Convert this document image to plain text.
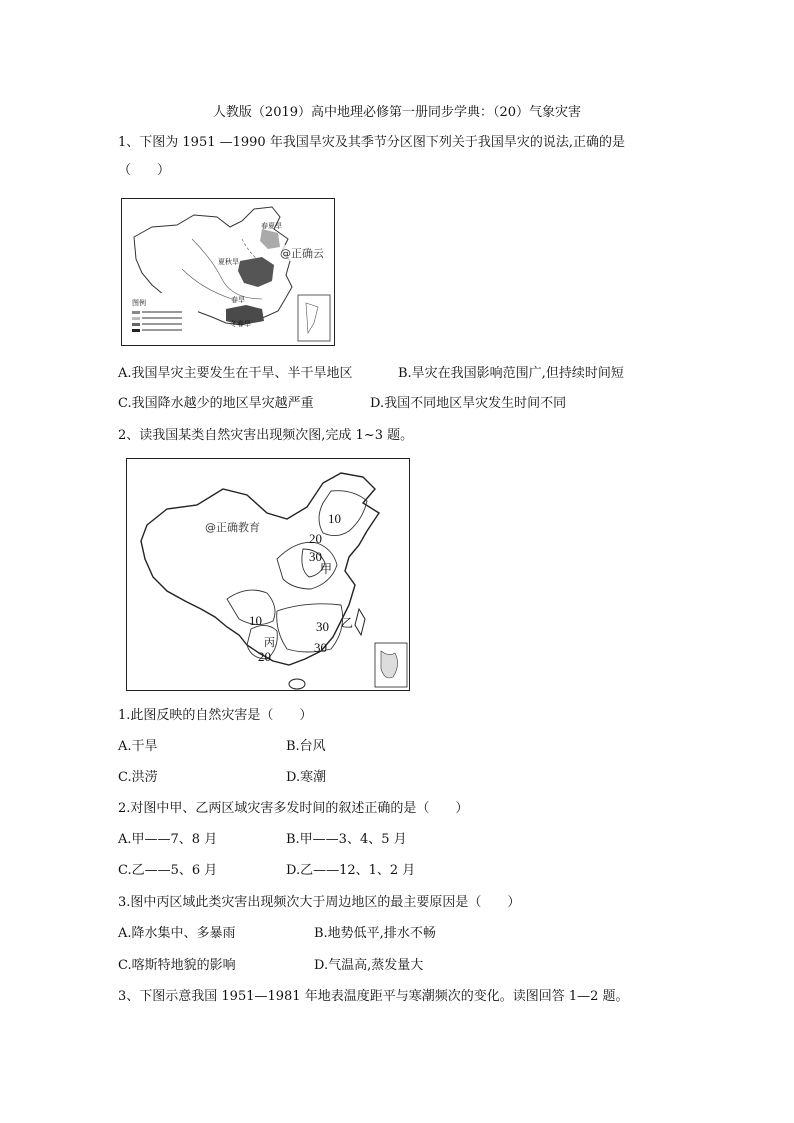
人教版（2019）高中地理必修第一册同步学典：（20）气象灾害
1、下图为 1951 —1990 年我国旱灾及其季节分区图下列关于我国旱灾的说法,正确的是
（　　）
图例
春夏旱
夏秋旱
春旱
冬春旱
@正确云
A.我国旱灾主要发生在干旱、半干旱地区	B.旱灾在我国影响范围广,但持续时间短
C.我国降水越少的地区旱灾越严重	D.我国不同地区旱灾发生时间不同
2、读我国某类自然灾害出现频次图,完成 1~3 题。
10
20
30
甲
10	30 乙
丙
20
30
@正确教育
1.此图反映的自然灾害是（　　）
A.干旱	B.台风
C.洪涝	D.寒潮
2.对图中甲、乙两区域灾害多发时间的叙述正确的是（　　）
A.甲——7、8 月	B.甲——3、4、5 月
C.乙——5、6 月	D.乙——12、1、2 月
3.图中丙区域此类灾害出现频次大于周边地区的最主要原因是（　　）
A.降水集中、多暴雨	B.地势低平,排水不畅
C.喀斯特地貌的影响	D.气温高,蒸发量大
3、下图示意我国 1951—1981 年地表温度距平与寒潮频次的变化。读图回答 1—2 题。
